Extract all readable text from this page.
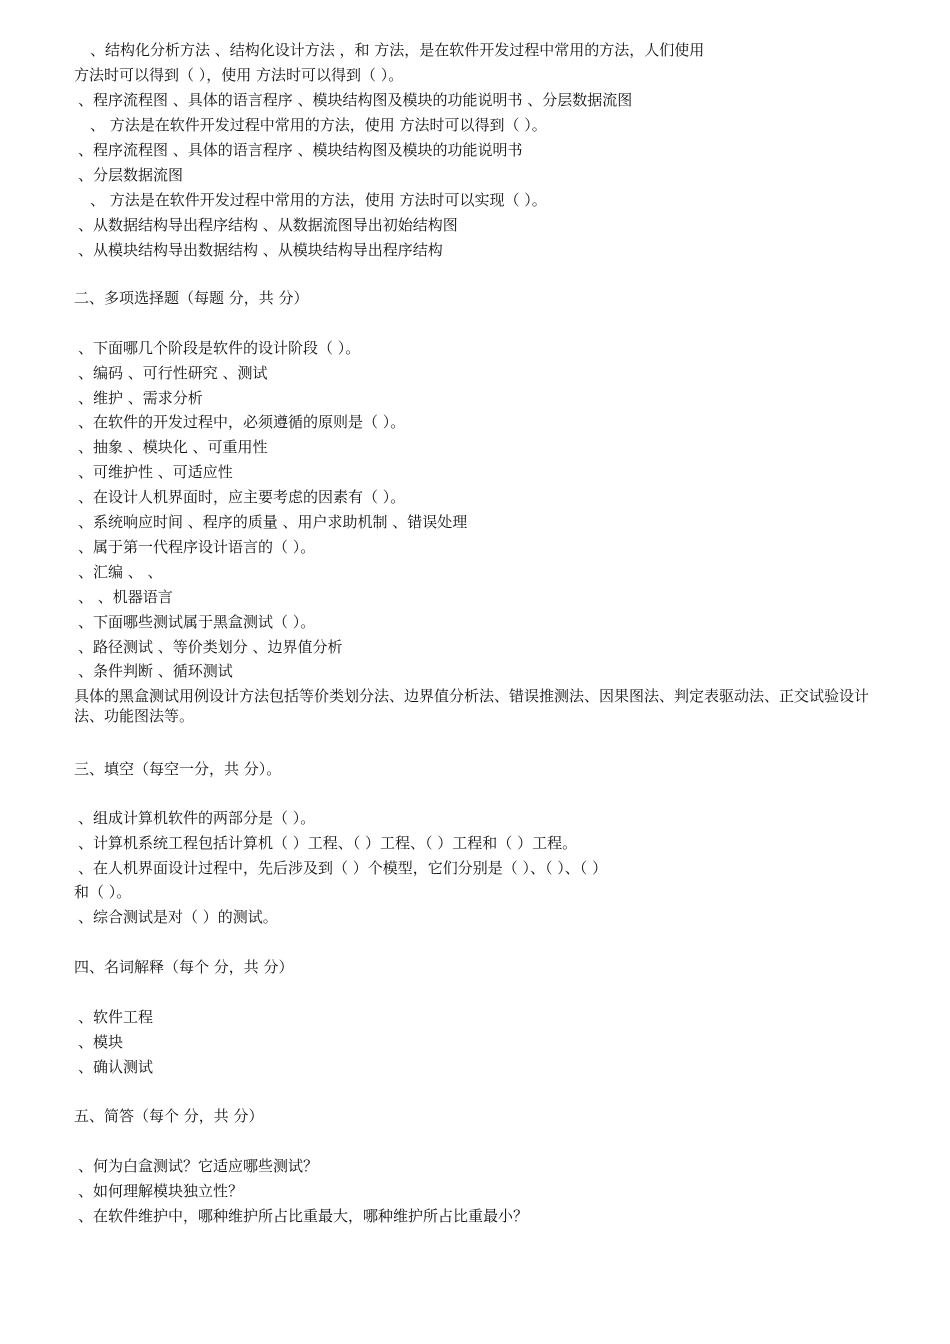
、结构化分析方法 、结构化设计方法 ，和 方法，是在软件开发过程中常用的方法，人们使用
方法时可以得到（ ），使用 方法时可以得到（ ）。
、程序流程图 、具体的语言程序 、模块结构图及模块的功能说明书 、分层数据流图
、 方法是在软件开发过程中常用的方法，使用 方法时可以得到（ ）。
、程序流程图 、具体的语言程序 、模块结构图及模块的功能说明书
、分层数据流图
、 方法是在软件开发过程中常用的方法，使用 方法时可以实现（ ）。
、从数据结构导出程序结构 、从数据流图导出初始结构图
、从模块结构导出数据结构 、从模块结构导出程序结构
二、多项选择题（每题 分，共 分）
、下面哪几个阶段是软件的设计阶段（ ）。
、编码 、可行性研究 、测试
、维护 、需求分析
、在软件的开发过程中，必须遵循的原则是（ ）。
、抽象 、模块化 、可重用性
、可维护性 、可适应性
、在设计人机界面时，应主要考虑的因素有（ ）。
、系统响应时间 、程序的质量 、用户求助机制 、错误处理
、属于第一代程序设计语言的（ ）。
、汇编 、 、
、 、机器语言
、下面哪些测试属于黑盒测试（ ）。
、路径测试 、等价类划分 、边界值分析
、条件判断 、循环测试
具体的黑盒测试用例设计方法包括等价类划分法、边界值分析法、错误推测法、因果图法、判定表驱动法、正交试验设计法、功能图法等。
三、填空（每空一分，共 分）。
、组成计算机软件的两部分是（ ）。
、计算机系统工程包括计算机（ ）工程、（ ）工程、（ ）工程和（ ）工程。
、在人机界面设计过程中，先后涉及到（ ）个模型，它们分别是（ ）、（ ）、（ ）
和（ ）。
、综合测试是对（ ）的测试。
四、名词解释（每个 分，共 分）
、软件工程
、模块
、确认测试
五、简答（每个 分，共 分）
、何为白盒测试？它适应哪些测试？
、如何理解模块独立性？
、在软件维护中，哪种维护所占比重最大，哪种维护所占比重最小？
